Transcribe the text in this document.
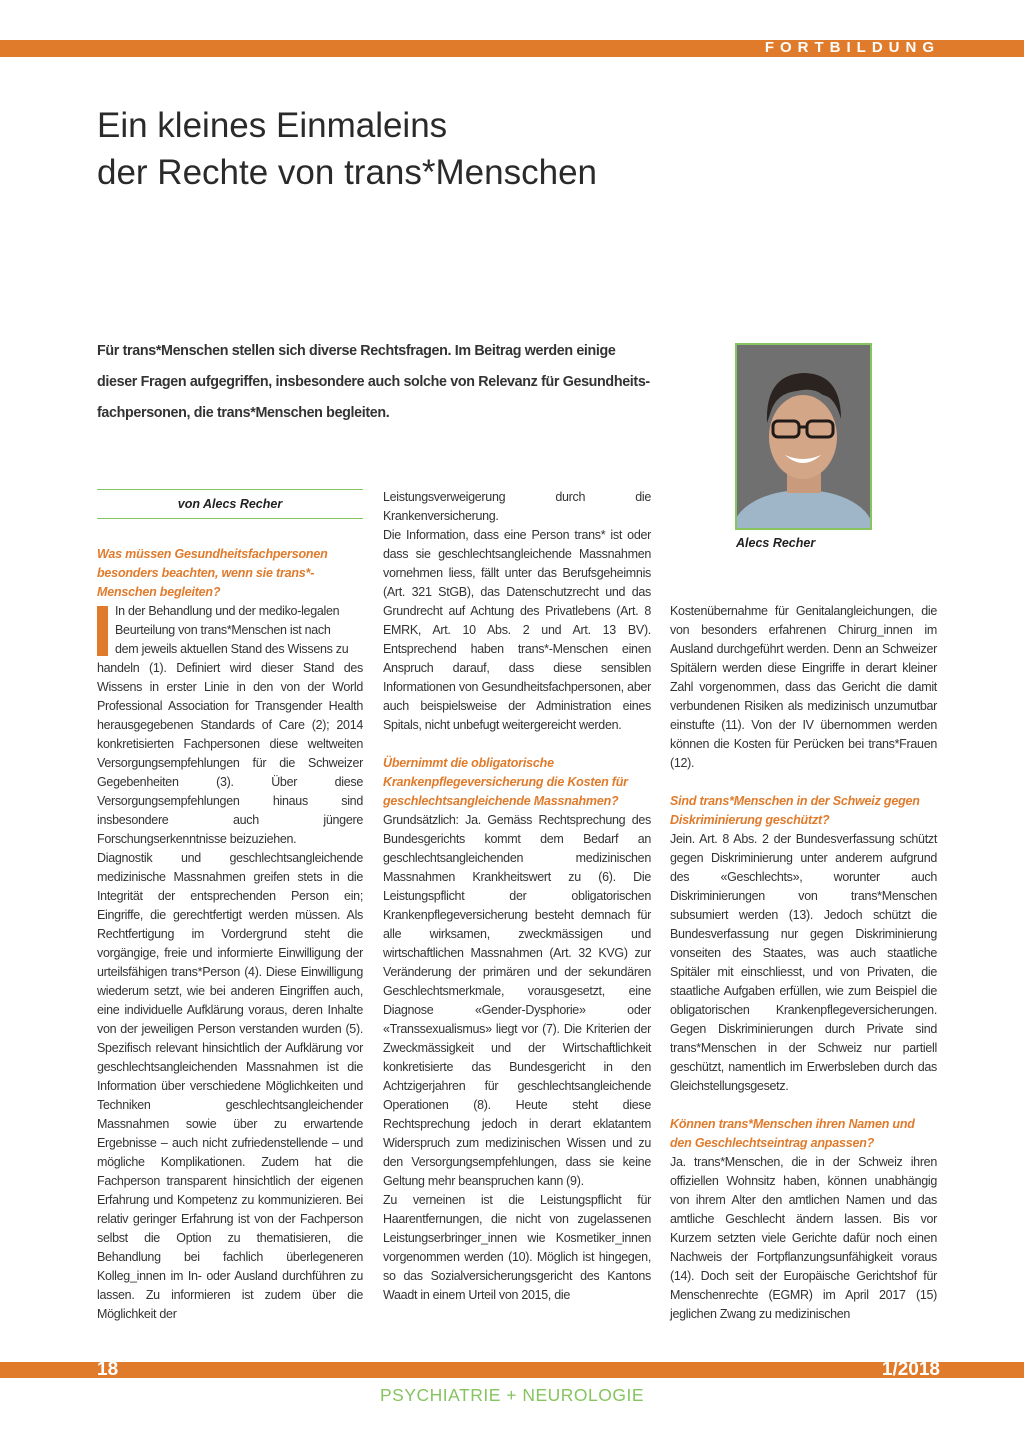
FORTBILDUNG
Ein kleines Einmaleins
der Rechte von trans*Menschen

Für trans*Menschen stellen sich diverse Rechtsfragen. Im Beitrag werden einige dieser Fragen aufgegriffen, insbesondere auch solche von Relevanz für Gesundheits-fachpersonen, die trans*Menschen begleiten.

Alecs Recher
von Alecs Recher
Was müssen Gesundheitsfachpersonen besonders beachten, wenn sie trans*-Menschen begleiten?

In der Behandlung und der mediko-legalen
Beurteilung von trans*Menschen ist nach
dem jeweils aktuellen Stand des Wissens zu
handeln (1). Definiert wird dieser Stand des Wissens in erster Linie in den von der World Professional Association for Transgender Health herausgegebenen Standards of Care (2); 2014 konkretisierten Fachpersonen diese weltweiten Versorgungsempfehlungen für die Schweizer Gegebenheiten (3). Über diese Versorgungsempfehlungen hinaus sind insbesondere auch jüngere Forschungserkenntnisse beizuziehen.

Diagnostik und geschlechtsangleichende medizinische Massnahmen greifen stets in die Integrität der entsprechenden Person ein; Eingriffe, die gerechtfertigt werden müssen. Als Rechtfertigung im Vordergrund steht die vorgängige, freie und informierte Einwilligung der urteilsfähigen trans*Person (4). Diese Einwilligung wiederum setzt, wie bei anderen Eingriffen auch, eine individuelle Aufklärung voraus, deren Inhalte von der jeweiligen Person verstanden wurden (5). Spezifisch relevant hinsichtlich der Aufklärung vor geschlechtsangleichenden Massnahmen ist die Information über verschiedene Möglichkeiten und Techniken geschlechtsangleichender Massnahmen sowie über zu erwartende Ergebnisse – auch nicht zufriedenstellende – und mögliche Komplikationen. Zudem hat die Fachperson transparent hinsichtlich der eigenen Erfahrung und Kompetenz zu kommunizieren. Bei relativ geringer Erfahrung ist von der Fachperson selbst die Option zu thematisieren, die Behandlung bei fachlich überlegeneren Kolleg_innen im In- oder Ausland durchführen zu lassen. Zu informieren ist zudem über die Möglichkeit der

Leistungsverweigerung durch die Krankenversicherung.

Die Information, dass eine Person trans* ist oder dass sie geschlechtsangleichende Massnahmen vornehmen liess, fällt unter das Berufsgeheimnis (Art. 321 StGB), das Datenschutzrecht und das Grundrecht auf Achtung des Privatlebens (Art. 8 EMRK, Art. 10 Abs. 2 und Art. 13 BV). Entsprechend haben trans*-Menschen einen Anspruch darauf, dass diese sensiblen Informationen von Gesundheitsfachpersonen, aber auch beispielsweise der Administration eines Spitals, nicht unbefugt weitergereicht werden.

Übernimmt die obligatorische Krankenpflegeversicherung die Kosten für geschlechtsangleichende Massnahmen?

Grundsätzlich: Ja. Gemäss Rechtsprechung des Bundesgerichts kommt dem Bedarf an geschlechtsangleichenden medizinischen Massnahmen Krankheitswert zu (6). Die Leistungspflicht der obligatorischen Krankenpflegeversicherung besteht demnach für alle wirksamen, zweckmässigen und wirtschaftlichen Massnahmen (Art. 32 KVG) zur Veränderung der primären und der sekundären Geschlechtsmerkmale, vorausgesetzt, eine Diagnose «Gender-Dysphorie» oder «Transsexualismus» liegt vor (7). Die Kriterien der Zweckmässigkeit und der Wirtschaftlichkeit konkretisierte das Bundesgericht in den Achtzigerjahren für geschlechtsangleichende Operationen (8). Heute steht diese Rechtsprechung jedoch in derart eklatantem Widerspruch zum medizinischen Wissen und zu den Versorgungsempfehlungen, dass sie keine Geltung mehr beanspruchen kann (9).

Zu verneinen ist die Leistungspflicht für Haarentfernungen, die nicht von zugelassenen Leistungserbringer_innen wie Kosmetiker_innen vorgenommen werden (10). Möglich ist hingegen, so das Sozialversicherungsgericht des Kantons Waadt in einem Urteil von 2015, die

Kostenübernahme für Genitalangleichungen, die von besonders erfahrenen Chirurg_innen im Ausland durchgeführt werden. Denn an Schweizer Spitälern werden diese Eingriffe in derart kleiner Zahl vorgenommen, dass das Gericht die damit verbundenen Risiken als medizinisch unzumutbar einstufte (11). Von der IV übernommen werden können die Kosten für Perücken bei trans*Frauen (12).

Sind trans*Menschen in der Schweiz gegen Diskriminierung geschützt?

Jein. Art. 8 Abs. 2 der Bundesverfassung schützt gegen Diskriminierung unter anderem aufgrund des «Geschlechts», worunter auch Diskriminierungen von trans*Menschen subsumiert werden (13). Jedoch schützt die Bundesverfassung nur gegen Diskriminierung vonseiten des Staates, was auch staatliche Spitäler mit einschliesst, und von Privaten, die staatliche Aufgaben erfüllen, wie zum Beispiel die obligatorischen Krankenpflegeversicherungen. Gegen Diskriminierungen durch Private sind trans*Menschen in der Schweiz nur partiell geschützt, namentlich im Erwerbsleben durch das Gleichstellungsgesetz.

Können trans*Menschen ihren Namen und den Geschlechtseintrag anpassen?

Ja. trans*Menschen, die in der Schweiz ihren offiziellen Wohnsitz haben, können unabhängig von ihrem Alter den amtlichen Namen und das amtliche Geschlecht ändern lassen. Bis vor Kurzem setzten viele Gerichte dafür noch einen Nachweis der Fortpflanzungsunfähigkeit voraus (14). Doch seit der Europäische Gerichtshof für Menschenrechte (EGMR) im April 2017 (15) jeglichen Zwang zu medizinischen

18	1/2018
PSYCHIATRIE + NEUROLOGIE
